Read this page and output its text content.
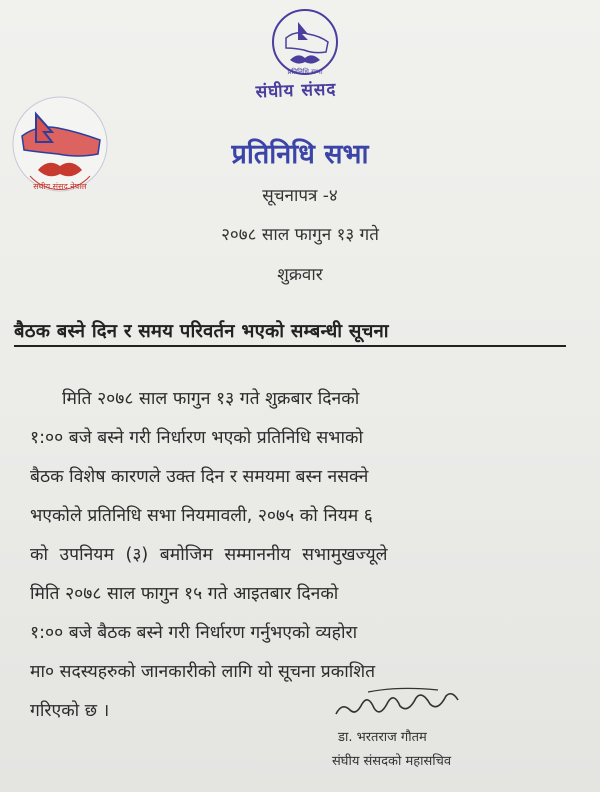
संघीय संसद नेपाल
प्रतिनिधि सभा
संघीय संसद
प्रतिनिधि सभा
सूचनापत्र -४
२०७८ साल फागुन १३ गते
शुक्रवार
बैठक बस्ने दिन र समय परिवर्तन भएको सम्बन्धी सूचना
मिति २०७८ साल फागुन १३ गते शुक्रबार दिनको
१:०० बजे बस्ने गरी निर्धारण भएको प्रतिनिधि सभाको
बैठक विशेष कारणले उक्त दिन र समयमा बस्न नसक्ने
भएकोले प्रतिनिधि सभा नियमावली, २०७५ को नियम ६
को उपनियम (३) बमोजिम सम्माननीय सभामुखज्यूले
मिति २०७८ साल फागुन १५ गते आइतबार दिनको
१:०० बजे बैठक बस्ने गरी निर्धारण गर्नुभएको व्यहोरा
मा० सदस्यहरुको जानकारीको लागि यो सूचना प्रकाशित
गरिएको छ ।
डा. भरतराज गौतम
संघीय संसदको महासचिव
